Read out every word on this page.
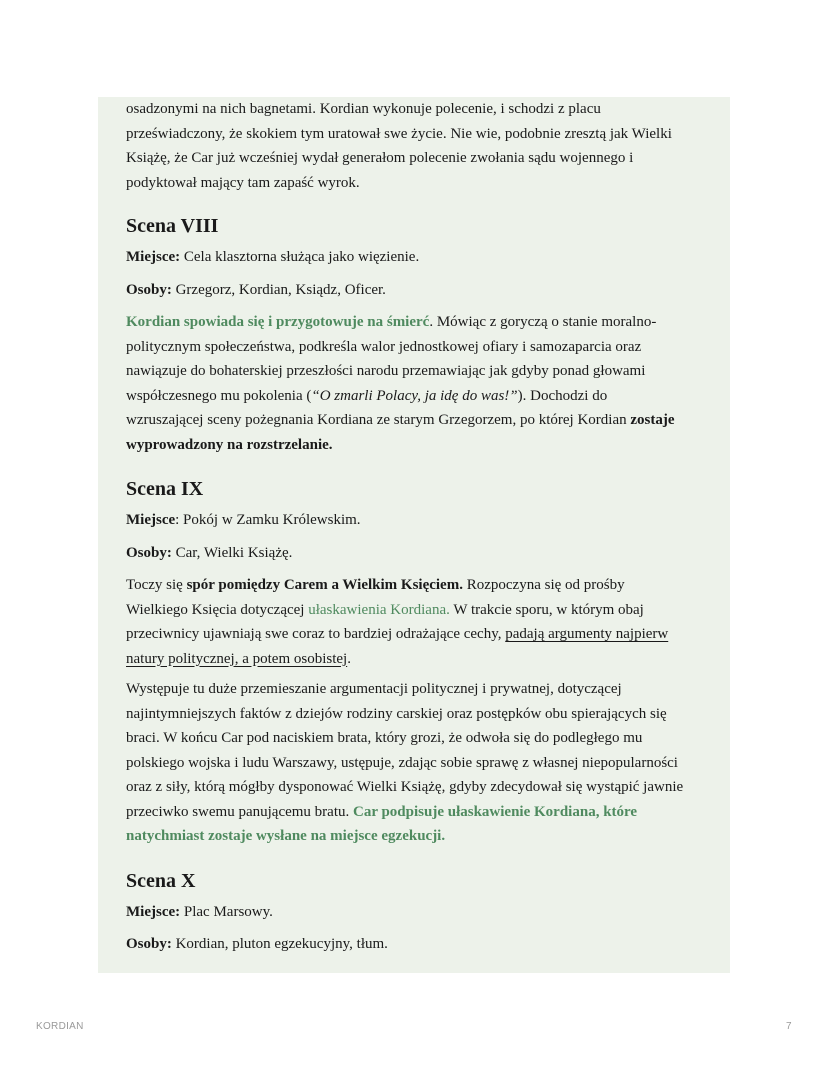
osadzonymi na nich bagnetami. Kordian wykonuje polecenie, i schodzi z placu
przeświadczony, że skokiem tym uratował swe życie. Nie wie, podobnie zresztą jak Wielki
Książę, że Car już wcześniej wydał generałom polecenie zwołania sądu wojennego i
podyktował mający tam zapaść wyrok.
Scena VIII
Miejsce: Cela klasztorna służąca jako więzienie.
Osoby: Grzegorz, Kordian, Ksiądz, Oficer.
Kordian spowiada się i przygotowuje na śmierć. Mówiąc z goryczą o stanie moralno-
politycznym społeczeństwa, podkreśla walor jednostkowej ofiary i samozaparcia oraz
nawiązuje do bohaterskiej przeszłości narodu przemawiając jak gdyby ponad głowami
współczesnego mu pokolenia (“O zmarli Polacy, ja idę do was!”). Dochodzi do
wzruszającej sceny pożegnania Kordiana ze starym Grzegorzem, po której Kordian zostaje
wyprowadzony na rozstrzelanie.
Scena IX
Miejsce: Pokój w Zamku Królewskim.
Osoby: Car, Wielki Książę.
Toczy się spór pomiędzy Carem a Wielkim Księciem. Rozpoczyna się od prośby
Wielkiego Księcia dotyczącej ułaskawienia Kordiana. W trakcie sporu, w którym obaj
przeciwnicy ujawniają swe coraz to bardziej odrażające cechy, padają argumenty najpierw
natury politycznej, a potem osobistej.
Występuje tu duże przemieszanie argumentacji politycznej i prywatnej, dotyczącej
najintymniejszych faktów z dziejów rodziny carskiej oraz postępków obu spierających się
braci. W końcu Car pod naciskiem brata, który grozi, że odwoła się do podległego mu
polskiego wojska i ludu Warszawy, ustępuje, zdając sobie sprawę z własnej niepopularności
oraz z siły, którą mógłby dysponować Wielki Książę, gdyby zdecydował się wystąpić jawnie
przeciwko swemu panującemu bratu. Car podpisuje ułaskawienie Kordiana, które
natychmiast zostaje wysłane na miejsce egzekucji.
Scena X
Miejsce: Plac Marsowy.
Osoby: Kordian, pluton egzekucyjny, tłum.
KORDIAN	7
